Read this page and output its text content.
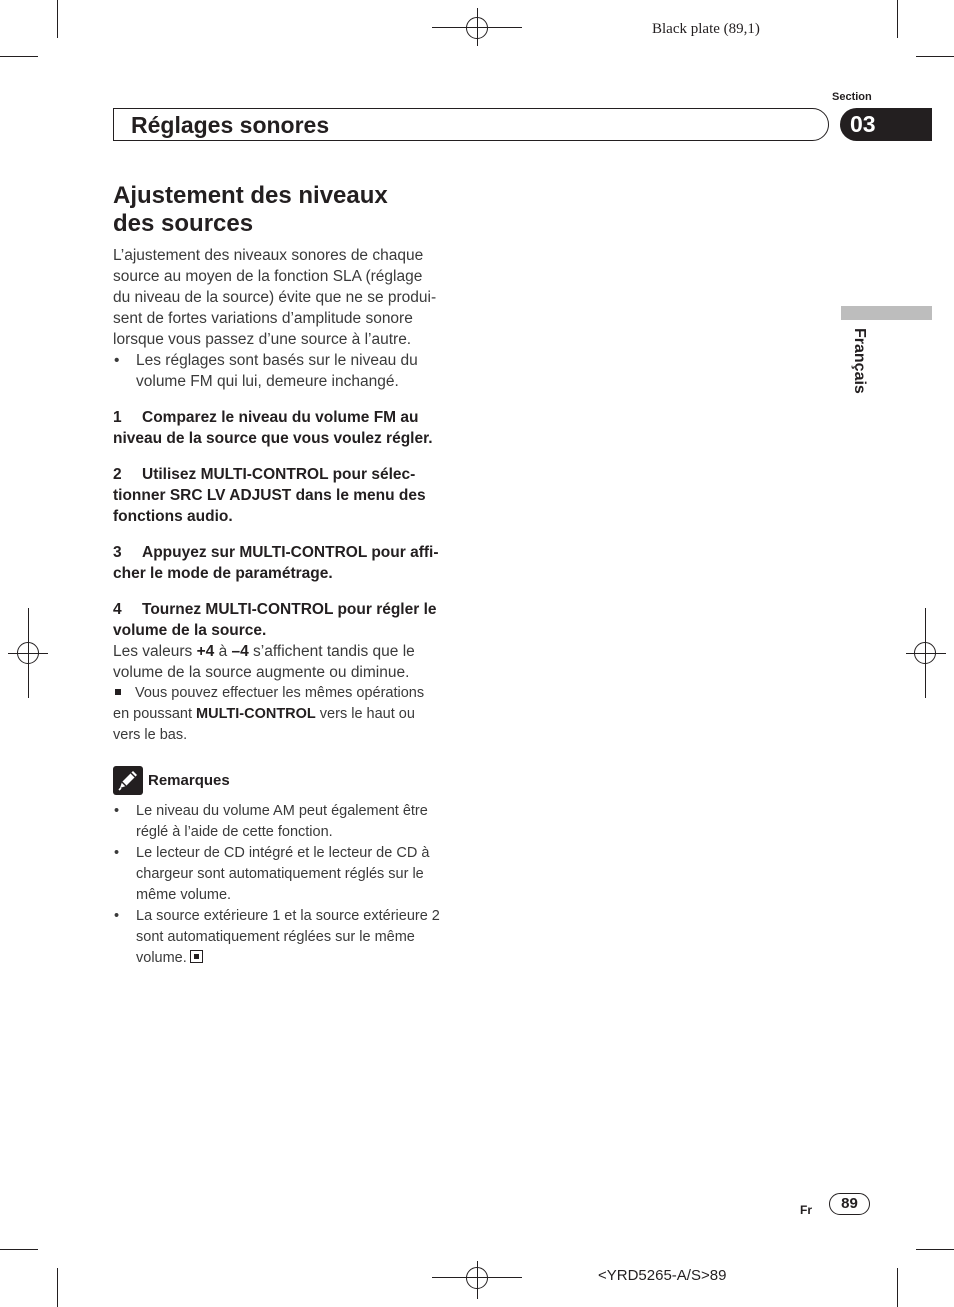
Black plate (89,1)
Section
Réglages sonores	03
Français
Ajustement des niveaux
des sources
L’ajustement des niveaux sonores de chaque
source au moyen de la fonction SLA (réglage
du niveau de la source) évite que ne se produi-
sent de fortes variations d’amplitude sonore
lorsque vous passez d’une source à l’autre.
• Les réglages sont basés sur le niveau du
volume FM qui lui, demeure inchangé.
1 Comparez le niveau du volume FM au
niveau de la source que vous voulez régler.
2 Utilisez MULTI-CONTROL pour sélec-
tionner SRC LV ADJUST dans le menu des
fonctions audio.
3 Appuyez sur MULTI-CONTROL pour affi-
cher le mode de paramétrage.
4 Tournez MULTI-CONTROL pour régler le
volume de la source.
Les valeurs +4 à –4 s’affichent tandis que le
volume de la source augmente ou diminue.
Vous pouvez effectuer les mêmes opérations
en poussant MULTI-CONTROL vers le haut ou
vers le bas.
Remarques
• Le niveau du volume AM peut également être
réglé à l’aide de cette fonction.
• Le lecteur de CD intégré et le lecteur de CD à
chargeur sont automatiquement réglés sur le
même volume.
• La source extérieure 1 et la source extérieure 2
sont automatiquement réglées sur le même
volume.
Fr	89
<YRD5265-A/S>89
